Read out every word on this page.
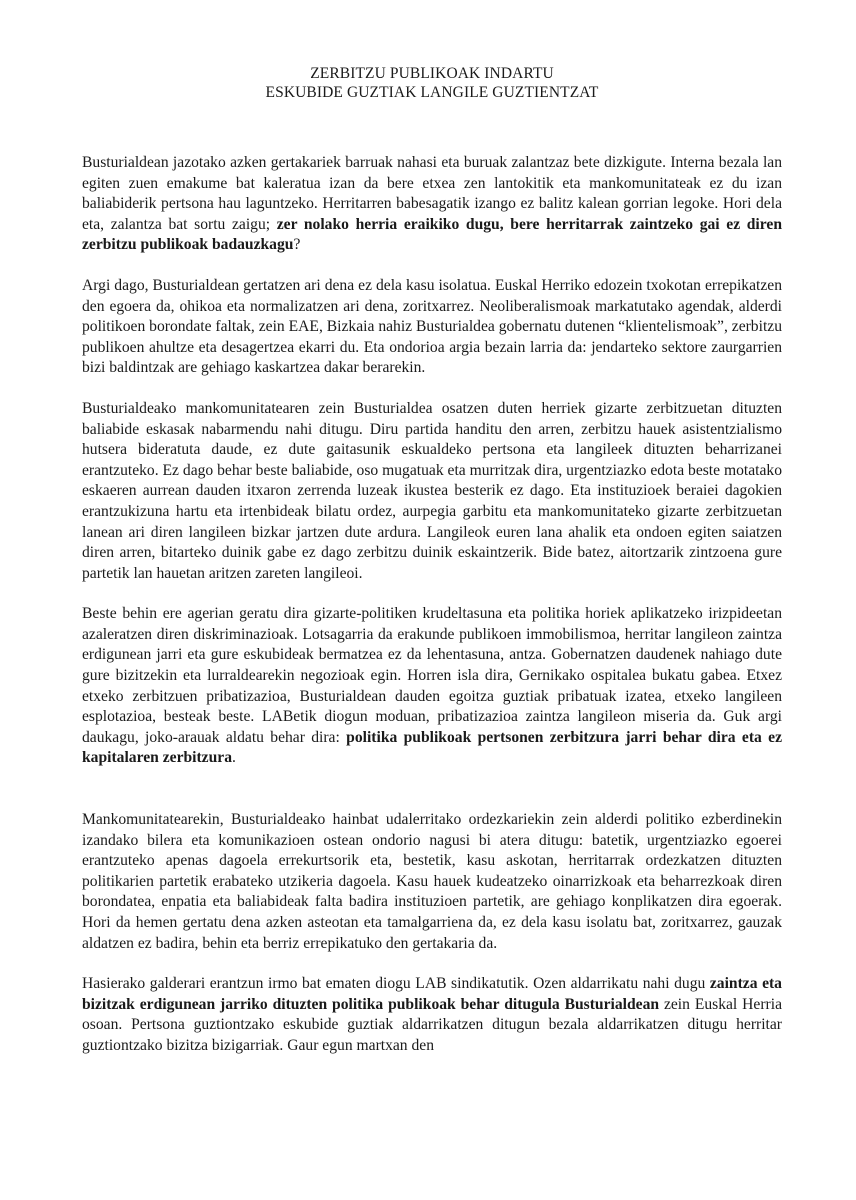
ZERBITZU PUBLIKOAK INDARTU
ESKUBIDE GUZTIAK LANGILE GUZTIENTZAT

Busturialdean jazotako azken gertakariek barruak nahasi eta buruak zalantzaz bete dizkigute. Interna bezala lan egiten zuen emakume bat kaleratua izan da bere etxea zen lantokitik eta mankomunitateak ez du izan baliabiderik pertsona hau laguntzeko. Herritarren babesagatik izango ez balitz kalean gorrian legoke. Hori dela eta, zalantza bat sortu zaigu; zer nolako herria eraikiko dugu, bere herritarrak zaintzeko gai ez diren zerbitzu publikoak badauzkagu?

Argi dago, Busturialdean gertatzen ari dena ez dela kasu isolatua. Euskal Herriko edozein txokotan errepikatzen den egoera da, ohikoa eta normalizatzen ari dena, zoritxarrez. Neoliberalismoak markatutako agendak, alderdi politikoen borondate faltak, zein EAE, Bizkaia nahiz Busturialdea gobernatu dutenen “klientelismoak”, zerbitzu publikoen ahultze eta desagertzea ekarri du. Eta ondorioa argia bezain larria da: jendarteko sektore zaurgarrien bizi baldintzak are gehiago kaskartzea dakar berarekin.

Busturialdeako mankomunitatearen zein Busturialdea osatzen duten herriek gizarte zerbitzuetan dituzten baliabide eskasak nabarmendu nahi ditugu. Diru partida handitu den arren, zerbitzu hauek asistentzialismo hutsera bideratuta daude, ez dute gaitasunik eskualdeko pertsona eta langileek dituzten beharrizanei erantzuteko. Ez dago behar beste baliabide, oso mugatuak eta murritzak dira, urgentziazko edota beste motatako eskaeren aurrean dauden itxaron zerrenda luzeak ikustea besterik ez dago. Eta instituzioek beraiei dagokien erantzukizuna hartu eta irtenbideak bilatu ordez, aurpegia garbitu eta mankomunitateko gizarte zerbitzuetan lanean ari diren langileen bizkar jartzen dute ardura. Langileok euren lana ahalik eta ondoen egiten saiatzen diren arren, bitarteko duinik gabe ez dago zerbitzu duinik eskaintzerik. Bide batez, aitortzarik zintzoena gure partetik lan hauetan aritzen zareten langileoi.

Beste behin ere agerian geratu dira gizarte-politiken krudeltasuna eta politika horiek aplikatzeko irizpideetan azaleratzen diren diskriminazioak. Lotsagarria da erakunde publikoen immobilismoa, herritar langileon zaintza erdigunean jarri eta gure eskubideak bermatzea ez da lehentasuna, antza. Gobernatzen daudenek nahiago dute gure bizitzekin eta lurraldearekin negozioak egin. Horren isla dira, Gernikako ospitalea bukatu gabea. Etxez etxeko zerbitzuen pribatizazioa, Busturialdean dauden egoitza guztiak pribatuak izatea, etxeko langileen esplotazioa, besteak beste. LABetik diogun moduan, pribatizazioa zaintza langileon miseria da. Guk argi daukagu, joko-arauak aldatu behar dira: politika publikoak pertsonen zerbitzura jarri behar dira eta ez kapitalaren zerbitzura.

Mankomunitatearekin, Busturialdeako hainbat udalerritako ordezkariekin zein alderdi politiko ezberdinekin izandako bilera eta komunikazioen ostean ondorio nagusi bi atera ditugu: batetik, urgentziazko egoerei erantzuteko apenas dagoela errekurtsorik eta, bestetik, kasu askotan, herritarrak ordezkatzen dituzten politikarien partetik erabateko utzikeria dagoela. Kasu hauek kudeatzeko oinarrizkoak eta beharrezkoak diren borondatea, enpatia eta baliabideak falta badira instituzioen partetik, are gehiago konplikatzen dira egoerak. Hori da hemen gertatu dena azken asteotan eta tamalgarriena da, ez dela kasu isolatu bat, zoritxarrez, gauzak aldatzen ez badira, behin eta berriz errepikatuko den gertakaria da.

Hasierako galderari erantzun irmo bat ematen diogu LAB sindikatutik. Ozen aldarrikatu nahi dugu zaintza eta bizitzak erdigunean jarriko dituzten politika publikoak behar ditugula Busturialdean zein Euskal Herria osoan. Pertsona guztiontzako eskubide guztiak aldarrikatzen ditugun bezala aldarrikatzen ditugu herritar guztiontzako bizitza bizigarriak. Gaur egun martxan den
